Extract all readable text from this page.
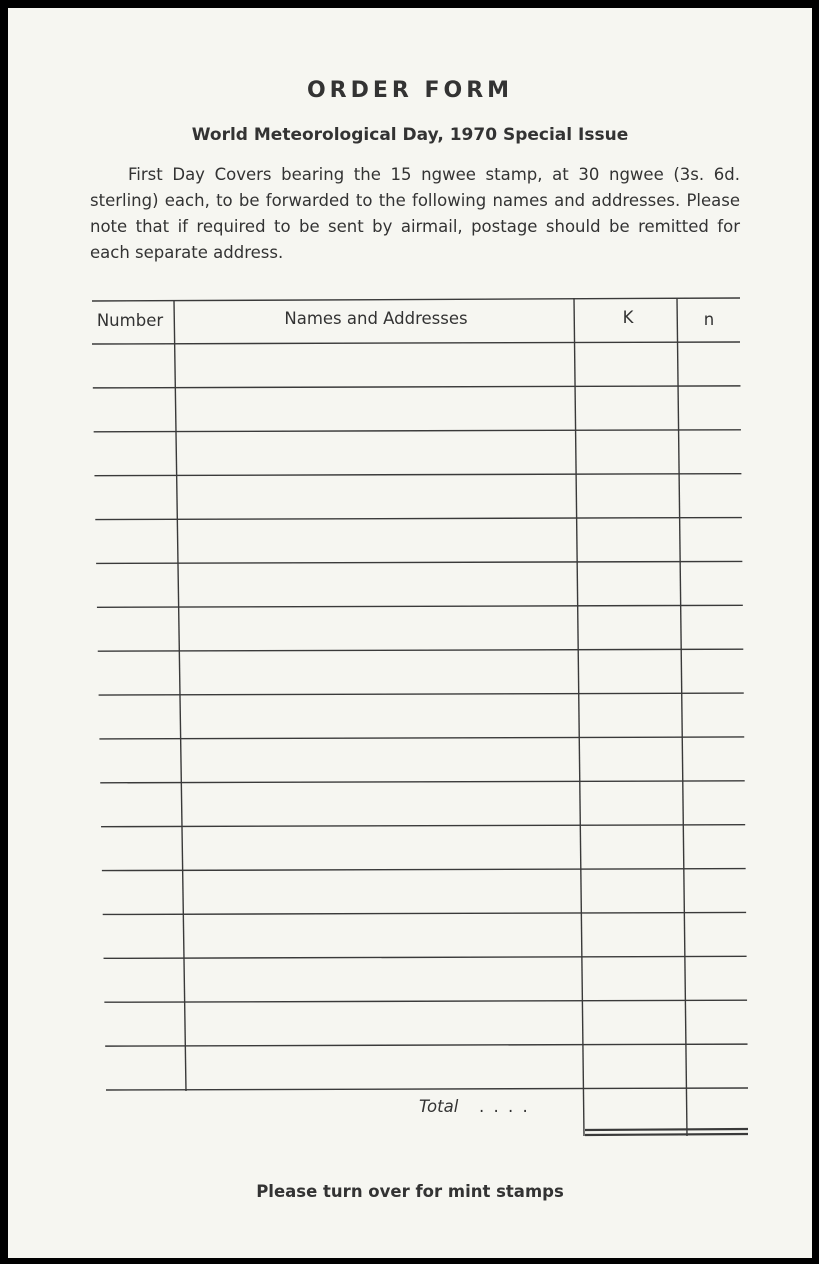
ORDER FORM
World Meteorological Day, 1970 Special Issue
First Day Covers bearing the 15 ngwee stamp, at 30 ngwee (3s. 6d. sterling) each, to be forwarded to the following names and addresses. Please note that if required to be sent by airmail, postage should be remitted for each separate address.
Number	Names and Addresses	K	n
Total . . . .
Please turn over for mint stamps
